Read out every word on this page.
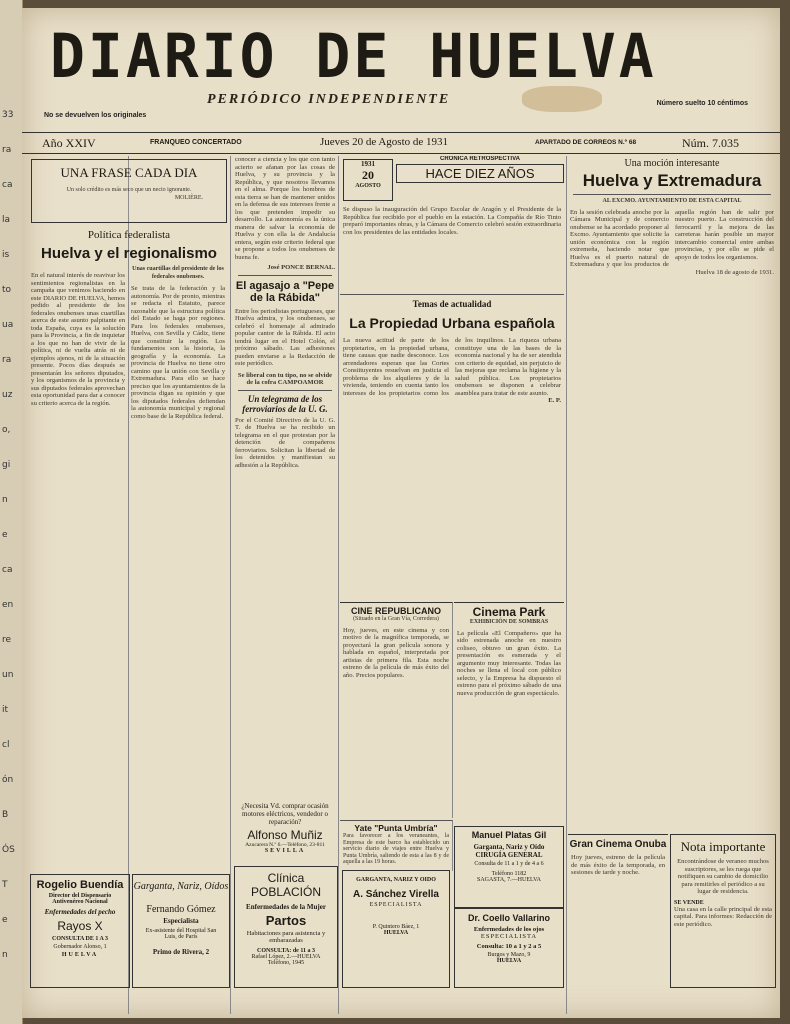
33
ra
ca
la
is
to
ua
ra
uz
o,
gi
n
e
ca
en
re
un
it
cl
ón
B
ÓS
T
e
n
DIARIO DE HUELVA
PERIÓDICO INDEPENDIENTE
No se devuelven los originales
Número suelto 10 céntimos
Año XXIV	FRANQUEO CONCERTADO	Jueves 20 de Agosto de 1931	APARTADO DE CORREOS N.º 68	Núm. 7.035
UNA FRASE CADA DIA
Un solo crédito es más seco que un necio ignorante.
MOLIÈRE.
Política federalista
Huelva y el regionalismo
En el natural interés de reavivar los sentimientos regionalistas en la campaña que venimos haciendo en este DIARIO DE HUELVA, hemos pedido al presidente de los federales onubenses unas cuartillas acerca de este asunto palpitante en toda España, cuya es la solución para la Provincia, a fin de inquietar a los que no han de vivir de la política, ni de vuelta atrás ni de ejemplos ajenos, ni de la situación presente. Pocos días después se presentarán los señores diputados, y los organismos de la provincia y sus diputados federales aprovechan esta oportunidad para dar a conocer su criterio acerca de la región.
Unas cuartillas del presidente de los federales onubenses.
Se trata de la federación y la autonomía. Por de pronto, mientras se redacta el Estatuto, parece razonable que la estructura política del Estado se haga por regiones. Para los federales onubenses, Huelva, con Sevilla y Cádiz, tiene que constituir la región. Los fundamentos son la historia, la geografía y la economía. La provincia de Huelva no tiene otro camino que la unión con Sevilla y Extremadura. Para ello se hace preciso que los ayuntamientos de la provincia digan su opinión y que los diputados federales defiendan la autonomía municipal y regional como base de la República federal.
Rogelio Buendía
Director del Dispensario Antivenéreo Nacional
Enfermedades del pecho
Rayos X
CONSULTA DE 1 A 3
Gobernador Alonso, 1
HUELVA
Garganta, Nariz, Oídos
Fernando Gómez
Especialista
Ex-asistente del Hospital San Luis, de Paris
Primo de Rivera, 2
conocer a ciencia y los que con tanto acierto se afanan por las cosas de Huelva, y su provincia y la República, y que nosotros llevamos en el alma. Porque los hombres de esta tierra se han de mantener unidos en la defensa de sus intereses frente a los que pretenden impedir su desarrollo. La autonomía es la única manera de salvar la economía de Huelva y con ella la de Andalucía entera, según este criterio federal que se propone a todos los onubenses de buena fe.
José PONCE BERNAL.
El agasajo a "Pepe de la Rábida"
Entre los periodistas portugueses, que Huelva admira, y los onubenses, se celebró el homenaje al admirado popular cantor de la Rábida. El acto tendrá lugar en el Hotel Colón, el próximo sábado. Las adhesiones pueden enviarse a la Redacción de este periódico.
Se liberal con tu tipo, no se olvide de la cofra CAMPOAMOR
Un telegrama de los ferroviarios de la U. G.
Por el Comité Directivo de la U. G. T. de Huelva se ha recibido un telegrama en el que protestan por la detención de compañeros ferroviarios. Solicitan la libertad de los detenidos y manifiestan su adhesión a la República.
¿Necesita Vd. comprar ocasión motores eléctricos, vendedor o reparación?
Alfonso Muñiz
Azucarera N.º 6.—Teléfono, 23-811
SEVILLA
Clínica POBLACIÓN
Enfermedades de la Mujer
Partos
Habitaciones para asistencia y embarazadas
CONSULTA: de 11 a 3
Rafael López, 2.—HUELVA
Teléfono, 1945
1931
20
AGOSTO
CRÓNICA RETROSPECTIVA
HACE DIEZ AÑOS
Se dispuso la inauguración del Grupo Escolar de Aragón y el Presidente de la República fue recibido por el pueblo en la estación. La Compañía de Río Tinto preparó importantes obras, y la Cámara de Comercio celebró sesión extraordinaria con los presidentes de las entidades locales.
Temas de actualidad
La Propiedad Urbana española
La nueva actitud de parte de los propietarios, en la propiedad urbana, tiene causas que nadie desconoce. Los arrendadores esperan que las Cortes Constituyentes resuelvan en justicia el problema de los alquileres y de la vivienda, teniendo en cuenta tanto los intereses de los propietarios como los de los inquilinos. La riqueza urbana constituye una de las bases de la economía nacional y ha de ser atendida con criterio de equidad, sin perjuicio de las mejoras que reclama la higiene y la salud pública. Los propietarios onubenses se disponen a celebrar asamblea para tratar de este asunto.
E. P.
CINE REPUBLICANO
(Situado en la Gran Vía, Corredera)
Hoy, jueves, en este cinema y con motivo de la magnífica temporada, se proyectará la gran película sonora y hablada en español, interpretada por artistas de primera fila. Esta noche estreno de la película de más éxito del año. Precios populares.
Yate "Punta Umbría"
Para favorecer a los veraneantes, la Empresa de este barco ha establecido un servicio diario de viajes entre Huelva y Punta Umbría, saliendo de esta a las 8 y de aquella a las 19 horas.
GARGANTA, NARIZ Y OIDO
A. Sánchez Virella
ESPECIALISTA
P. Quintero Báez, 1
HUELVA
Cinema Park
EXHIBICIÓN DE SOMBRAS
La película «El Compañero» que ha sido estrenada anoche en nuestro coliseo, obtuvo un gran éxito. La presentación es esmerada y el argumento muy interesante. Todas las noches se llena el local con público selecto, y la Empresa ha dispuesto el estreno para el próximo sábado de una nueva producción de gran espectáculo.
Manuel Platas Gil
Garganta, Nariz y Oído
CIRUGÍA GENERAL
Consulta de 11 a 1 y de 4 a 6
Teléfono 1182
SAGASTA, 7.—HUELVA
Dr. Coello Vallarino
Enfermedades de los ojos
ESPECIALISTA
Consulta: 10 a 1 y 2 a 5
Burgos y Mazo, 9
HUELVA
Una moción interesante
Huelva y Extremadura
AL EXCMO. AYUNTAMIENTO DE ESTA CAPITAL
En la sesión celebrada anoche por la Cámara Municipal y de comercio onubense se ha acordado proponer al Excmo. Ayuntamiento que solicite la unión económica con la región extremeña, haciendo notar que Huelva es el puerto natural de Extremadura y que los productos de aquella región han de salir por nuestro puerto. La construcción del ferrocarril y la mejora de las carreteras harán posible un mayor intercambio comercial entre ambas provincias, y por ello se pide el apoyo de todos los organismos.
Huelva 18 de agosto de 1931.
Gran Cinema Onuba
Hoy jueves, estreno de la película de más éxito de la temporada, en sesiones de tarde y noche.
Nota importante
Encontrándose de veraneo muchos suscriptores, se les ruega que notifiquen su cambio de domicilio para remitirles el periódico a su lugar de residencia.
SE VENDE
Una casa en la calle principal de esta capital. Para informes: Redacción de este periódico.
